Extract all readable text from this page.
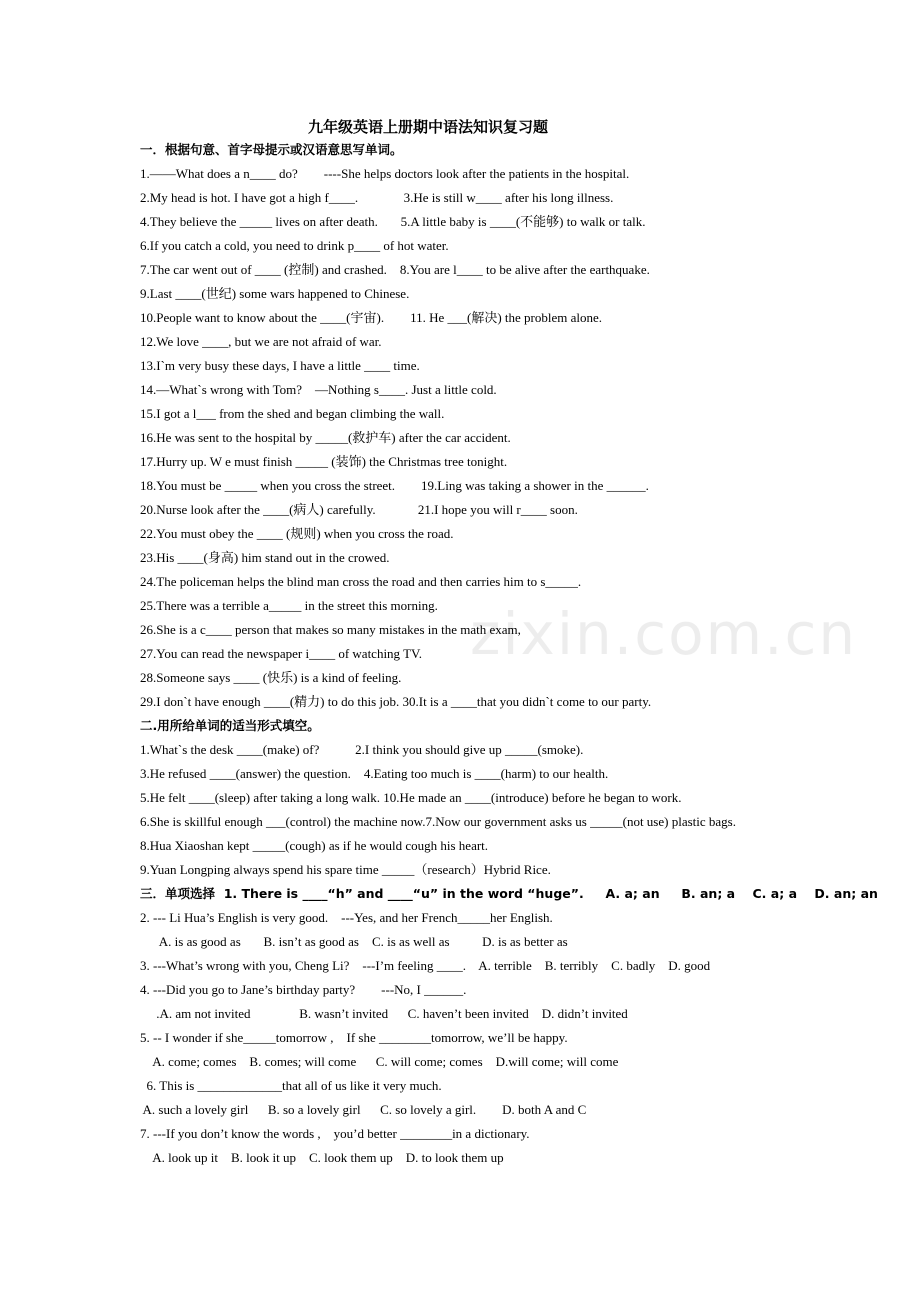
zixin.com.cn
九年级英语上册期中语法知识复习题
一．根据句意、首字母提示或汉语意思写单词。
1.——What does a n____ do?        ----She helps doctors look after the patients in the hospital.
2.My head is hot. I have got a high f____.              3.He is still w____ after his long illness.
4.They believe the _____ lives on after death.       5.A little baby is ____(不能够) to walk or talk.
6.If you catch a cold, you need to drink p____ of hot water.
7.The car went out of ____ (控制) and crashed.    8.You are l____ to be alive after the earthquake.
9.Last ____(世纪) some wars happened to Chinese.
10.People want to know about the ____(宇宙).        11. He ___(解决) the problem alone.
12.We love ____, but we are not afraid of war.
13.I`m very busy these days, I have a little ____ time.
14.—What`s wrong with Tom?    —Nothing s____. Just a little cold.
15.I got a l___ from the shed and began climbing the wall.
16.He was sent to the hospital by _____(救护车) after the car accident.
17.Hurry up. W e must finish _____ (装饰) the Christmas tree tonight.
18.You must be _____ when you cross the street.        19.Ling was taking a shower in the ______.
20.Nurse look after the ____(病人) carefully.             21.I hope you will r____ soon.
22.You must obey the ____ (规则) when you cross the road.
23.His ____(身高) him stand out in the crowed.
24.The policeman helps the blind man cross the road and then carries him to s_____.
25.There was a terrible a_____ in the street this morning.
26.She is a c____ person that makes so many mistakes in the math exam,
27.You can read the newspaper i____ of watching TV.
28.Someone says ____ (快乐) is a kind of feeling.
29.I don`t have enough ____(精力) to do this job. 30.It is a ____that you didn`t come to our party.
二.用所给单词的适当形式填空。
1.What`s the desk ____(make) of?           2.I think you should give up _____(smoke).
3.He refused ____(answer) the question.    4.Eating too much is ____(harm) to our health.
5.He felt ____(sleep) after taking a long walk. 10.He made an ____(introduce) before he began to work.
6.She is skillful enough ___(control) the machine now.7.Now our government asks us _____(not use) plastic bags.
8.Hua Xiaoshan kept _____(cough) as if he would cough his heart.
9.Yuan Longping always spend his spare time _____（research）Hybrid Rice.
三．单项选择  1. There is ____“h” and ____“u” in the word “huge”.     A. a; an     B. an; a    C. a; a    D. an; an
2. --- Li Hua’s English is very good.    ---Yes, and her French_____her English.
A. is as good as       B. isn’t as good as    C. is as well as          D. is as better as
3. ---What’s wrong with you, Cheng Li?    ---I’m feeling ____.    A. terrible    B. terribly    C. badly    D. good
4. ---Did you go to Jane’s birthday party?        ---No, I ______.
.A. am not invited               B. wasn’t invited      C. haven’t been invited    D. didn’t invited
5. -- I wonder if she_____tomorrow ,    If she ________tomorrow, we’ll be happy.
A. come; comes    B. comes; will come      C. will come; comes    D.will come; will come
6. This is _____________that all of us like it very much.
A. such a lovely girl      B. so a lovely girl      C. so lovely a girl.        D. both A and C
7. ---If you don’t know the words ,    you’d better ________in a dictionary.
A. look up it    B. look it up    C. look them up    D. to look them up
